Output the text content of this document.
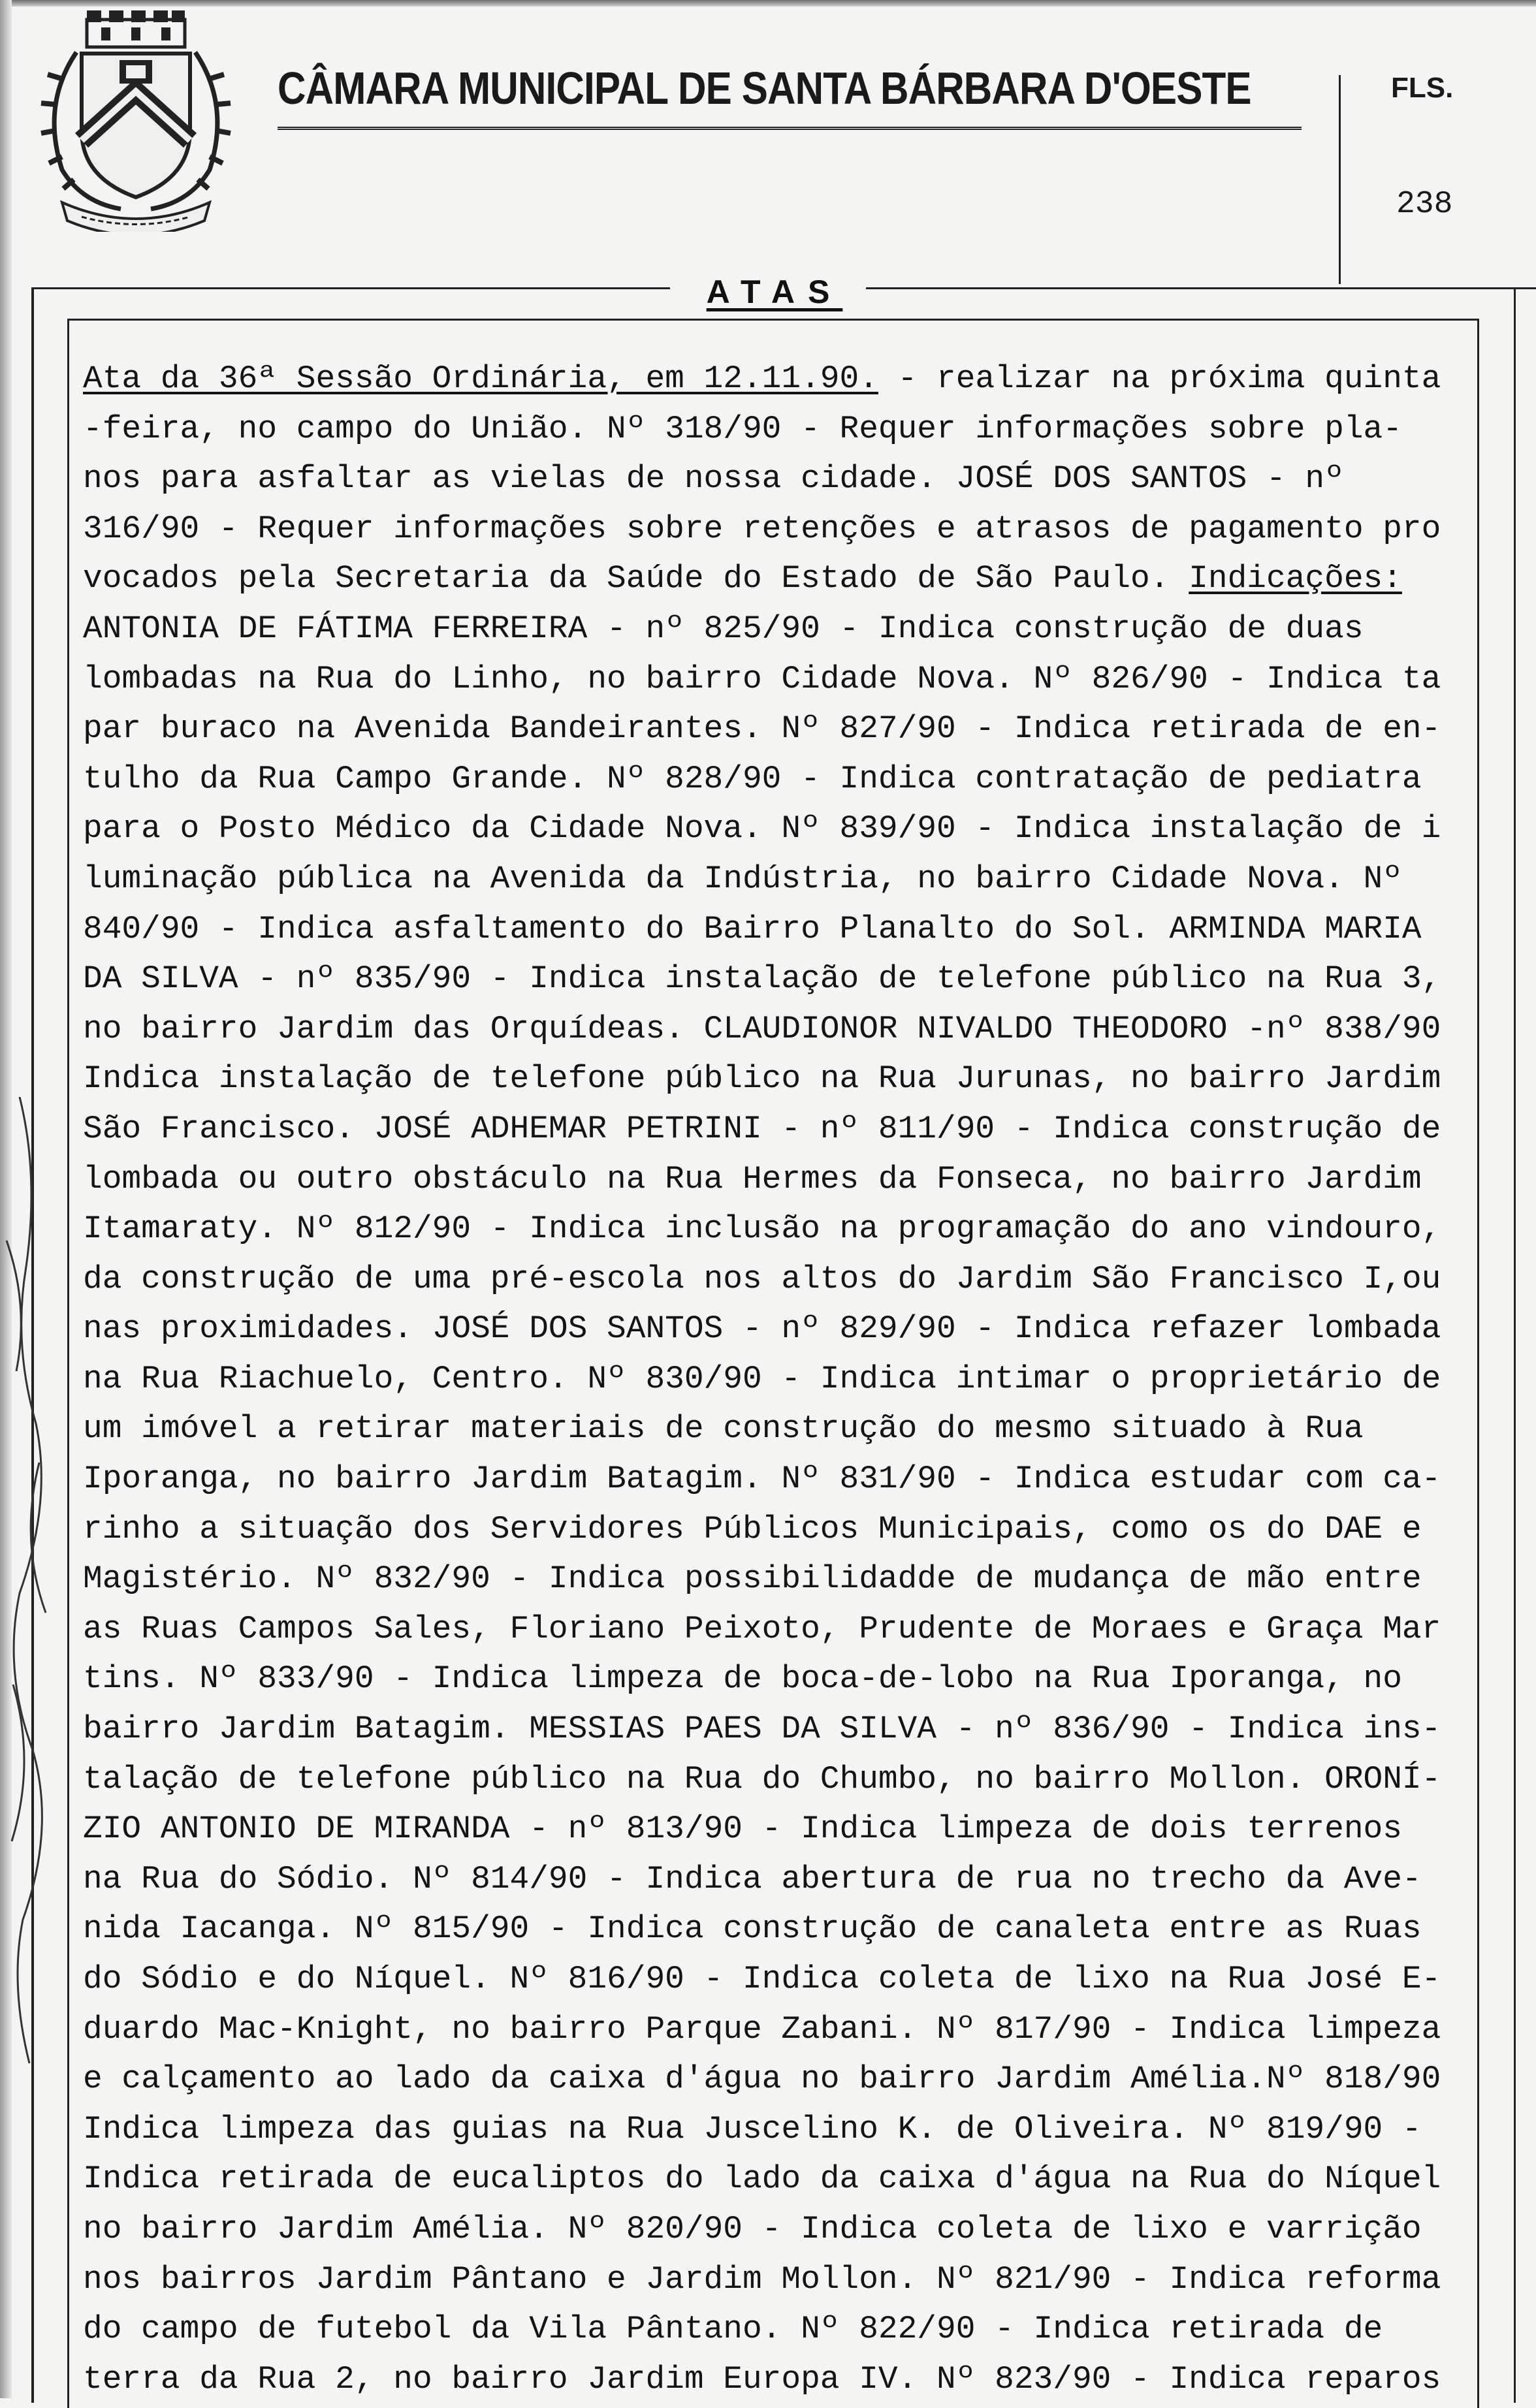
CÂMARA MUNICIPAL DE SANTA BÁRBARA D'OESTE	FLS.
238
ATAS
Ata da 36ª Sessão Ordinária, em 12.11.90. - realizar na próxima quinta
-feira, no campo do União. Nº 318/90 - Requer informações sobre pla-
nos para asfaltar as vielas de nossa cidade. JOSÉ DOS SANTOS - nº
316/90 - Requer informações sobre retenções e atrasos de pagamento pro
vocados pela Secretaria da Saúde do Estado de São Paulo. Indicações:
ANTONIA DE FÁTIMA FERREIRA - nº 825/90 - Indica construção de duas
lombadas na Rua do Linho, no bairro Cidade Nova. Nº 826/90 - Indica ta
par buraco na Avenida Bandeirantes. Nº 827/90 - Indica retirada de en-
tulho da Rua Campo Grande. Nº 828/90 - Indica contratação de pediatra
para o Posto Médico da Cidade Nova. Nº 839/90 - Indica instalação de i
luminação pública na Avenida da Indústria, no bairro Cidade Nova. Nº
840/90 - Indica asfaltamento do Bairro Planalto do Sol. ARMINDA MARIA
DA SILVA - nº 835/90 - Indica instalação de telefone público na Rua 3,
no bairro Jardim das Orquídeas. CLAUDIONOR NIVALDO THEODORO -nº 838/90
Indica instalação de telefone público na Rua Jurunas, no bairro Jardim
São Francisco. JOSÉ ADHEMAR PETRINI - nº 811/90 - Indica construção de
lombada ou outro obstáculo na Rua Hermes da Fonseca, no bairro Jardim
Itamaraty. Nº 812/90 - Indica inclusão na programação do ano vindouro,
da construção de uma pré-escola nos altos do Jardim São Francisco I,ou
nas proximidades. JOSÉ DOS SANTOS - nº 829/90 - Indica refazer lombada
na Rua Riachuelo, Centro. Nº 830/90 - Indica intimar o proprietário de
um imóvel a retirar materiais de construção do mesmo situado à Rua
Iporanga, no bairro Jardim Batagim. Nº 831/90 - Indica estudar com ca-
rinho a situação dos Servidores Públicos Municipais, como os do DAE e
Magistério. Nº 832/90 - Indica possibilidadde de mudança de mão entre
as Ruas Campos Sales, Floriano Peixoto, Prudente de Moraes e Graça Mar
tins. Nº 833/90 - Indica limpeza de boca-de-lobo na Rua Iporanga, no
bairro Jardim Batagim. MESSIAS PAES DA SILVA - nº 836/90 - Indica ins-
talação de telefone público na Rua do Chumbo, no bairro Mollon. ORONÍ-
ZIO ANTONIO DE MIRANDA - nº 813/90 - Indica limpeza de dois terrenos
na Rua do Sódio. Nº 814/90 - Indica abertura de rua no trecho da Ave-
nida Iacanga. Nº 815/90 - Indica construção de canaleta entre as Ruas
do Sódio e do Níquel. Nº 816/90 - Indica coleta de lixo na Rua José E-
duardo Mac-Knight, no bairro Parque Zabani. Nº 817/90 - Indica limpeza
e calçamento ao lado da caixa d'água no bairro Jardim Amélia.Nº 818/90
Indica limpeza das guias na Rua Juscelino K. de Oliveira. Nº 819/90 -
Indica retirada de eucaliptos do lado da caixa d'água na Rua do Níquel
no bairro Jardim Amélia. Nº 820/90 - Indica coleta de lixo e varrição
nos bairros Jardim Pântano e Jardim Mollon. Nº 821/90 - Indica reforma
do campo de futebol da Vila Pântano. Nº 822/90 - Indica retirada de
terra da Rua 2, no bairro Jardim Europa IV. Nº 823/90 - Indica reparos
